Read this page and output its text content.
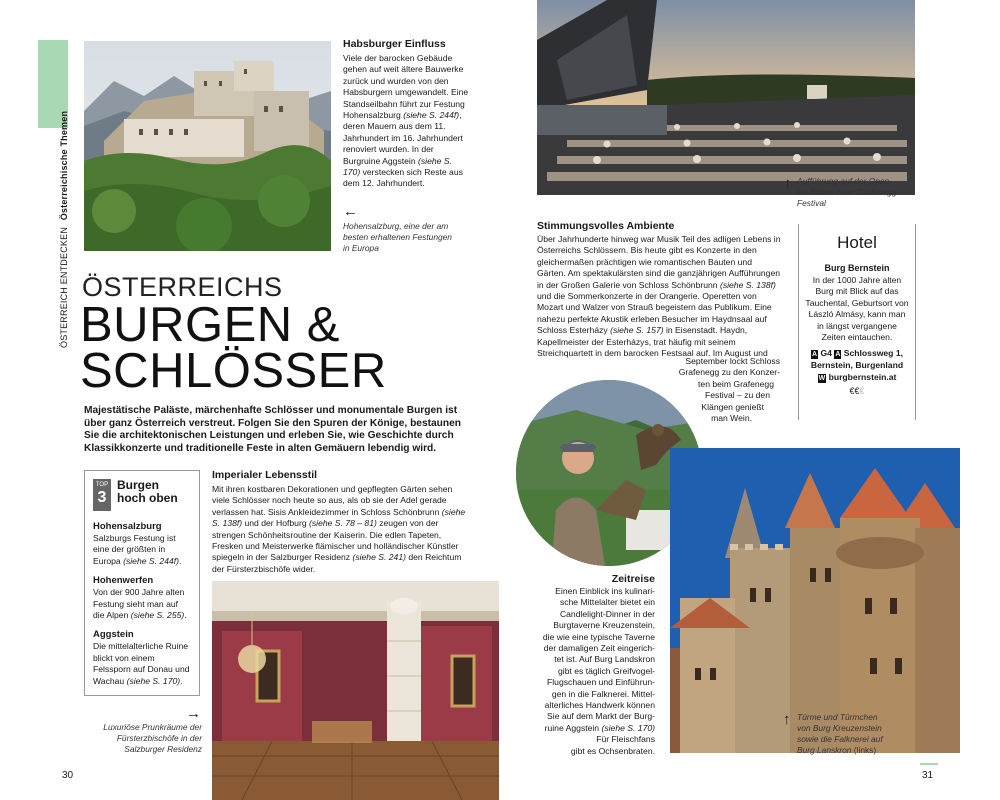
ÖSTERREICH ENTDECKEN Österreichische Themen
Habsburger Einfluss

Viele der barocken Gebäude gehen auf weit ältere Bauwerke zurück und wurden von den Habsburgern umgewandelt. Eine Standseilbahn führt zur Festung Hohensalzburg (siehe S. 244f), deren Mauern aus dem 11. Jahrhundert im 16. Jahrhundert renoviert wurden. In der Burgruine Aggstein (siehe S. 170) verstecken sich Reste aus dem 12. Jahrhundert.

←
Hohensalzburg, eine der am besten erhaltenen Festungen in Europa
ÖSTERREICHS
BURGEN &
SCHLÖSSER

Majestätische Paläste, märchenhafte Schlösser und monumentale Burgen ist über ganz Österreich verstreut. Folgen Sie den Spuren der Könige, bestaunen Sie die architektonischen Leistungen und erleben Sie, wie Geschichte durch Klassikkonzerte und traditionelle Feste in alten Gemäuern lebendig wird.

TOP
3
Burgen hoch oben
Hohensalzburg

Salzburgs Festung ist eine der größten in Europa (siehe S. 244f).

Hohenwerfen

Von der 900 Jahre alten Festung sieht man auf die Alpen (siehe S. 255).

Aggstein

Die mittelalterliche Ruine blickt von einem Felssporn auf Donau und Wachau (siehe S. 170).

Imperialer Lebensstil

Mit ihren kostbaren Dekorationen und gepflegten Gärten sehen viele Schlösser noch heute so aus, als ob sie der Adel gerade verlassen hat. Sisis Ankleidezimmer in Schloss Schönbrunn (siehe S. 138f) und der Hofburg (siehe S. 78 – 81) zeugen von der strengen Schönheitsroutine der Kaiserin. Die edlen Tapeten, Fresken und Meisterwerke flämischer und holländischer Künstler spiegeln in der Salzburger Residenz (siehe S. 241) den Reichtum der Fürsterzbischöfe wider.

Luxuriöse Prunkräume der Fürsterzbischöfe in der Salzburger Residenz
→
30
↑ Aufführung auf der Open-Air-Bühne beim Grafenegg Festival
Stimmungsvolles Ambiente

Über Jahrhunderte hinweg war Musik Teil des adligen Lebens in Österreichs Schlössern. Bis heute gibt es Konzerte in den gleichermaßen prächtigen wie romantischen Bauten und Gärten. Am spektakulärsten sind die ganzjährigen Aufführungen in der Großen Galerie von Schloss Schönbrunn (siehe S. 138f) und die Sommerkonzerte in der Orangerie. Operetten von Mozart und Walzer von Strauß begeistern das Publikum. Eine nahezu perfekte Akustik erleben Besucher im Haydnsaal auf Schloss Esterházy (siehe S. 157) in Eisenstadt. Haydn, Kapellmeister der Esterházys, trat häufig mit seinem Streichquartett in dem barocken Festsaal auf. Im August und

September lockt Schloss

Grafenegg zu den Konzer-

ten beim Grafenegg

Festival – zu den

Klängen genießt

man Wein.

Hotel
Burg Bernstein

In der 1000 Jahre alten Burg mit Blick auf das Tauchental, Geburtsort von László Almásy, kann man in längst vergangene Zeiten eintauchen.

A G4 A Schlossweg 1,
Bernstein, Burgenland
W burgbernstein.at
€€€
Zeitreise

Einen Einblick ins kulinari-

sche Mittelalter bietet ein

Candlelight-Dinner in der

Burgtaverne Kreuzenstein,

die wie eine typische Taverne

der damaligen Zeit eingerich-

tet ist. Auf Burg Landskron

gibt es täglich Greifvogel-

Flugschauen und Einführun-

gen in die Falknerei. Mittel-

alterliches Handwerk können

Sie auf dem Markt der Burg-

ruine Aggstein (siehe S. 170)

Für Fleischfans

gibt es Ochsenbraten.

↑ Türme und Türmchen
von Burg Kreuzenstein
sowie die Falknerei auf
Burg Lanskron (links)
31
